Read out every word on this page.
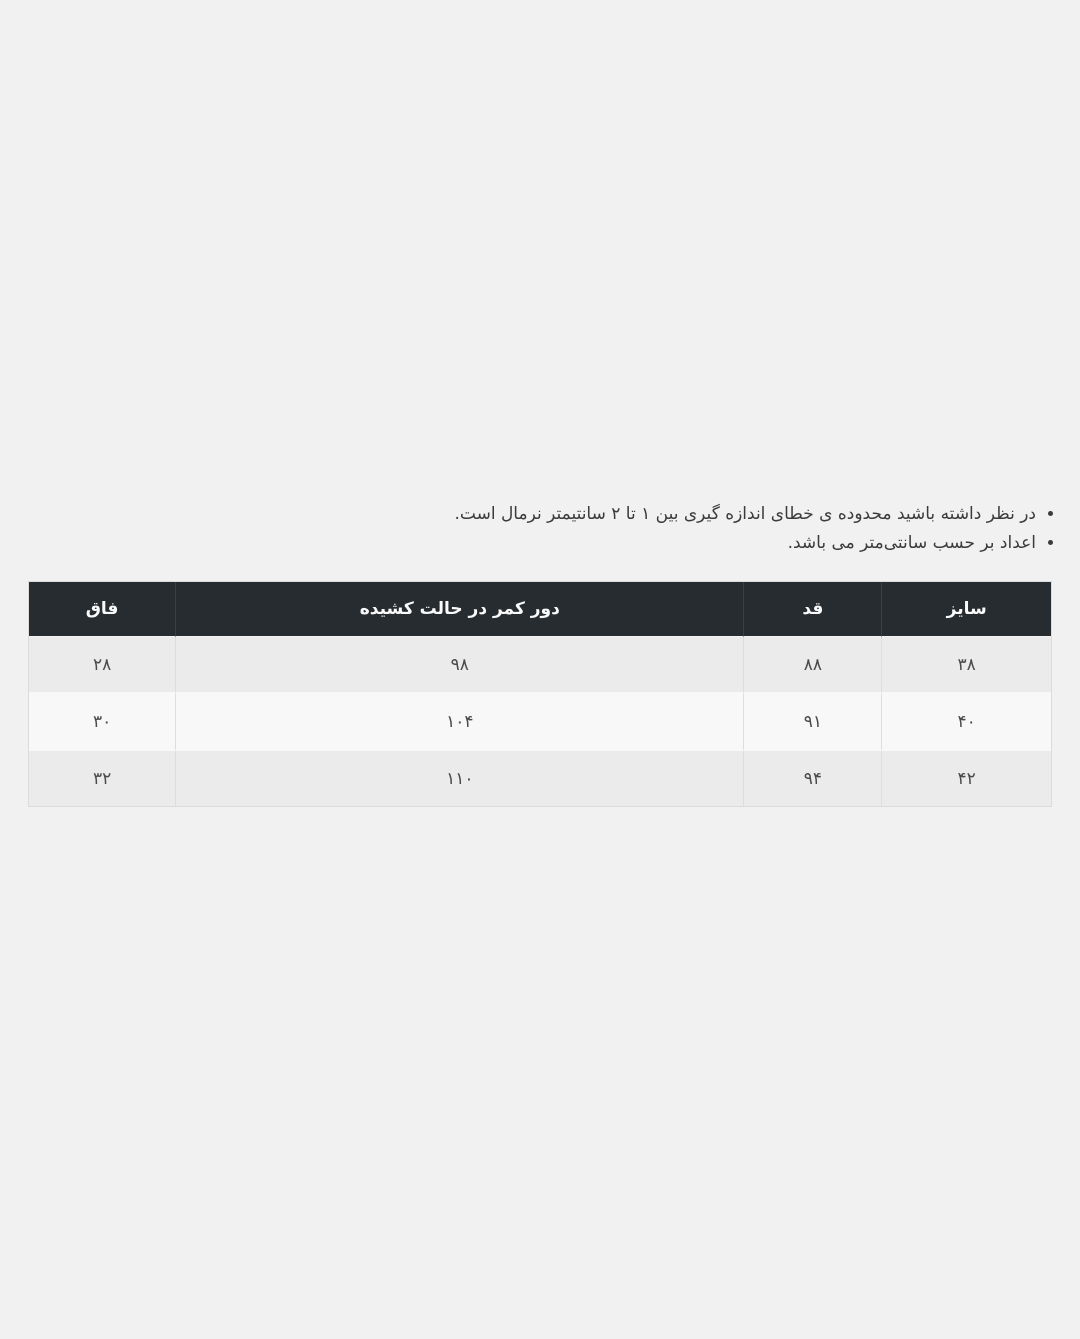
• در نظر داشته باشید محدوده ی خطای اندازه گیری بین ۱ تا ۲ سانتیمتر نرمال است.
• اعداد بر حسب سانتی‌متر می باشد.
سایز	قد	دور کمر در حالت کشیده	فاق
۳۸	۸۸	۹۸	۲۸
۴۰	۹۱	۱۰۴	۳۰
۴۲	۹۴	۱۱۰	۳۲
